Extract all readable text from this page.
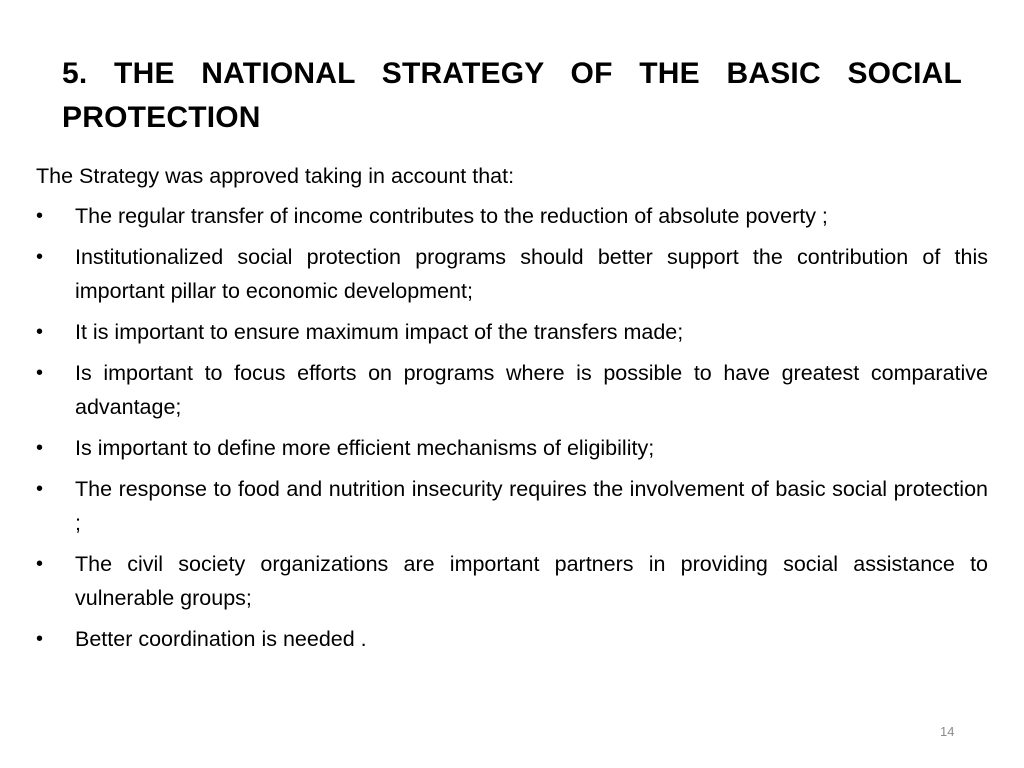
5. THE NATIONAL STRATEGY OF THE BASIC SOCIAL PROTECTION

The Strategy was approved taking in account that:

•	The regular transfer of income contributes to the reduction of absolute poverty ;
•	Institutionalized social protection programs should better support the contribution of this important pillar to economic development;
•	It is important to ensure maximum impact of the transfers made;
•	Is important to focus efforts on programs where is possible to have greatest comparative advantage;
•	Is important to define more efficient mechanisms of eligibility;
•	The response to food and nutrition insecurity requires the involvement of basic social protection ;
•	The civil society organizations are important partners in providing social assistance to vulnerable groups;
•	Better coordination is needed .
14
